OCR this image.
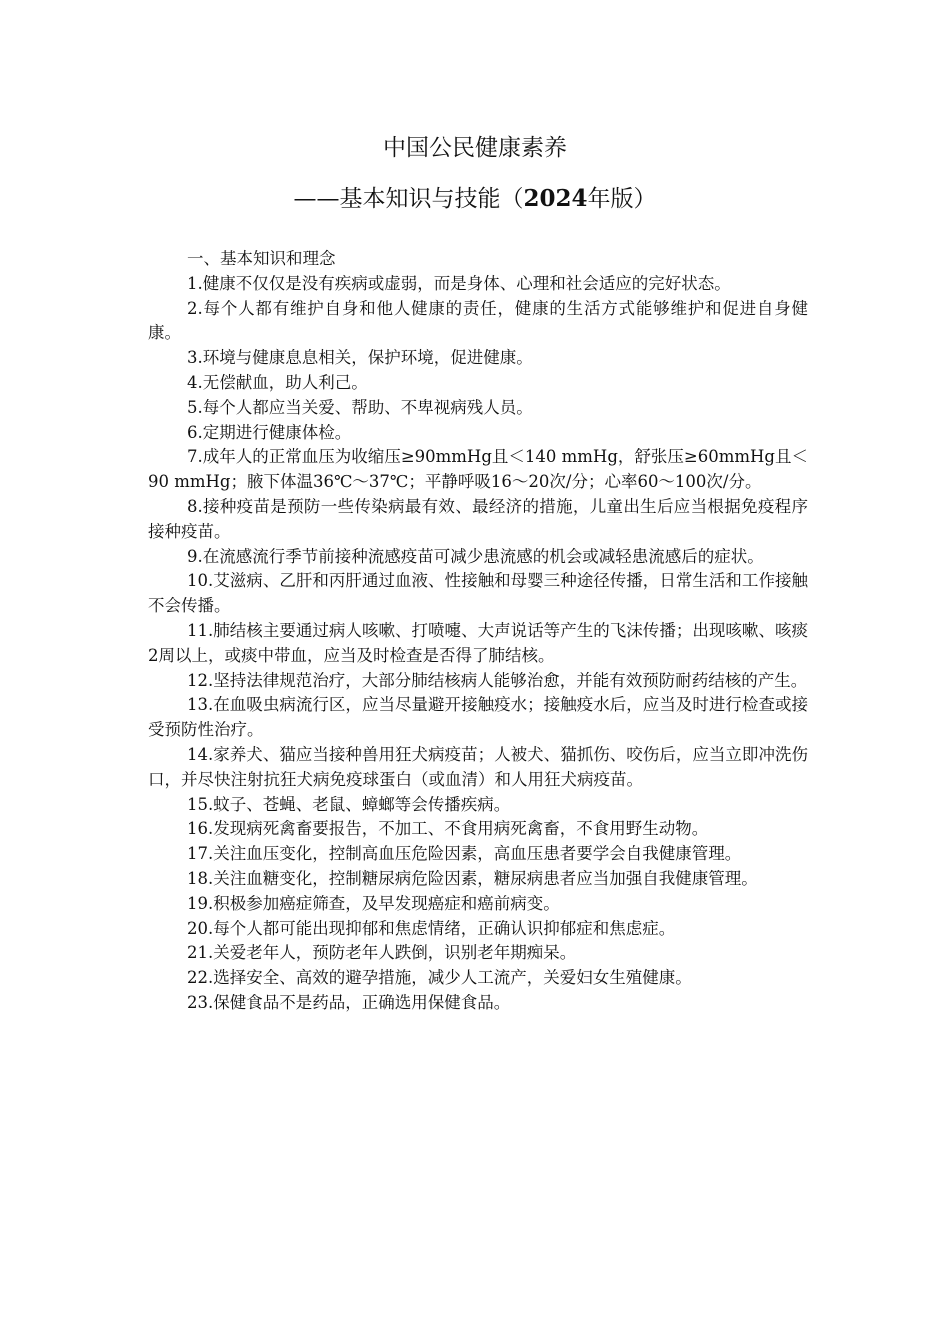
中国公民健康素养
——基本知识与技能（2024年版）

一、基本知识和理念

1.健康不仅仅是没有疾病或虚弱，而是身体、心理和社会适应的完好状态。

2.每个人都有维护自身和他人健康的责任，健康的生活方式能够维护和促进自身健康。

3.环境与健康息息相关，保护环境，促进健康。

4.无偿献血，助人利己。

5.每个人都应当关爱、帮助、不卑视病残人员。

6.定期进行健康体检。

7.成年人的正常血压为收缩压≥90mmHg且＜140 mmHg，舒张压≥60mmHg且＜90 mmHg；腋下体温36℃～37℃；平静呼吸16～20次/分；心率60～100次/分。

8.接种疫苗是预防一些传染病最有效、最经济的措施，儿童出生后应当根据免疫程序接种疫苗。

9.在流感流行季节前接种流感疫苗可减少患流感的机会或减轻患流感后的症状。

10.艾滋病、乙肝和丙肝通过血液、性接触和母婴三种途径传播，日常生活和工作接触不会传播。

11.肺结核主要通过病人咳嗽、打喷嚏、大声说话等产生的飞沫传播；出现咳嗽、咳痰2周以上，或痰中带血，应当及时检查是否得了肺结核。

12.坚持法律规范治疗，大部分肺结核病人能够治愈，并能有效预防耐药结核的产生。

13.在血吸虫病流行区，应当尽量避开接触疫水；接触疫水后，应当及时进行检查或接受预防性治疗。

14.家养犬、猫应当接种兽用狂犬病疫苗；人被犬、猫抓伤、咬伤后，应当立即冲洗伤口，并尽快注射抗狂犬病免疫球蛋白（或血清）和人用狂犬病疫苗。

15.蚊子、苍蝇、老鼠、蟑螂等会传播疾病。

16.发现病死禽畜要报告，不加工、不食用病死禽畜，不食用野生动物。

17.关注血压变化，控制高血压危险因素，高血压患者要学会自我健康管理。

18.关注血糖变化，控制糖尿病危险因素，糖尿病患者应当加强自我健康管理。

19.积极参加癌症筛查，及早发现癌症和癌前病变。

20.每个人都可能出现抑郁和焦虑情绪，正确认识抑郁症和焦虑症。

21.关爱老年人，预防老年人跌倒，识别老年期痴呆。

22.选择安全、高效的避孕措施，减少人工流产，关爱妇女生殖健康。

23.保健食品不是药品，正确选用保健食品。
